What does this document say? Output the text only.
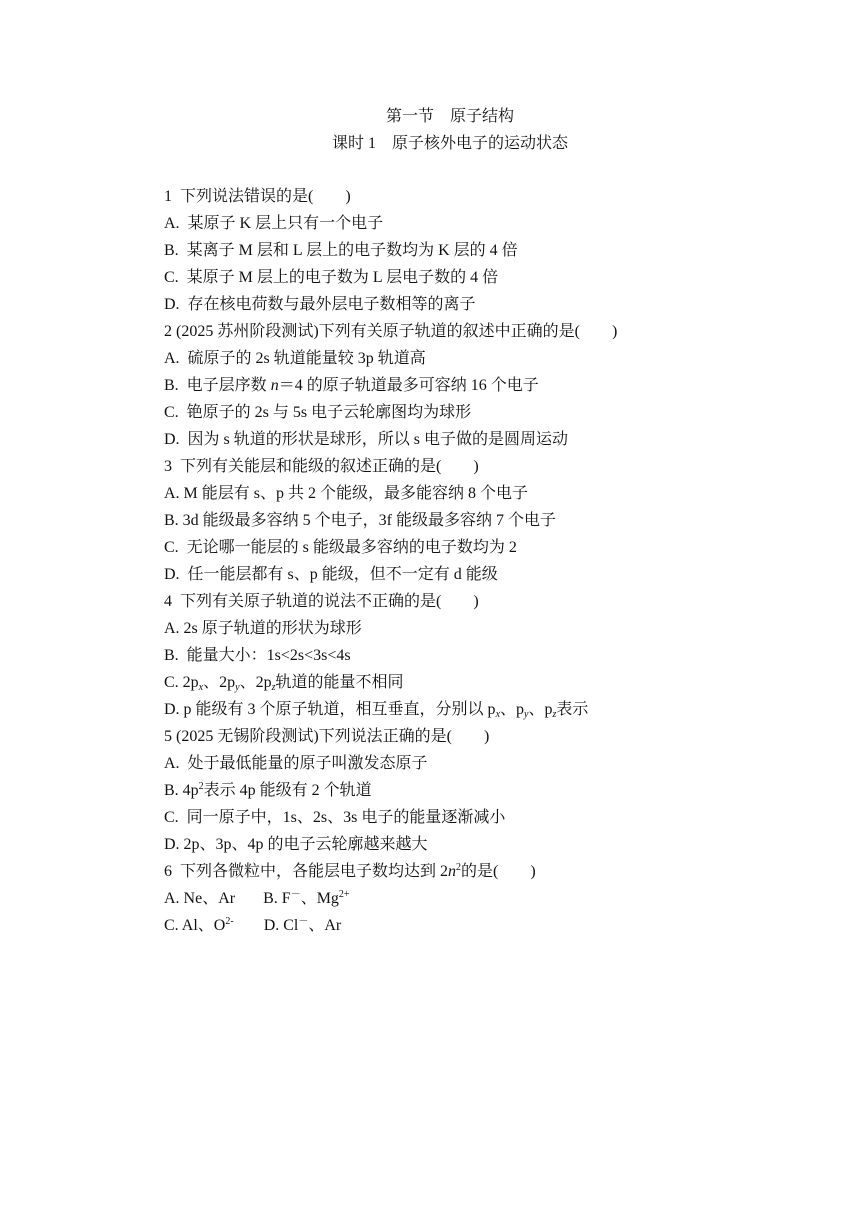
第一节　原子结构
课时 1　原子核外电子的运动状态
1  下列说法错误的是(　　)
A.  某原子 K 层上只有一个电子
B.  某离子 M 层和 L 层上的电子数均为 K 层的 4 倍
C.  某原子 M 层上的电子数为 L 层电子数的 4 倍
D.  存在核电荷数与最外层电子数相等的离子
2 (2025 苏州阶段测试)下列有关原子轨道的叙述中正确的是(　　)
A.  硫原子的 2s 轨道能量较 3p 轨道高
B.  电子层序数 n＝4 的原子轨道最多可容纳 16 个电子
C.  铯原子的 2s 与 5s 电子云轮廓图均为球形
D.  因为 s 轨道的形状是球形，所以 s 电子做的是圆周运动
3  下列有关能层和能级的叙述正确的是(　　)
A. M 能层有 s、p 共 2 个能级，最多能容纳 8 个电子
B. 3d 能级最多容纳 5 个电子，3f 能级最多容纳 7 个电子
C.  无论哪一能层的 s 能级最多容纳的电子数均为 2
D.  任一能层都有 s、p 能级，但不一定有 d 能级
4  下列有关原子轨道的说法不正确的是(　　)
A. 2s 原子轨道的形状为球形
B.  能量大小：1s<2s<3s<4s
C. $2p_x$、$2p_y$、$2p_z$轨道的能量不相同
D. p 能级有 3 个原子轨道，相互垂直，分别以 $p_x$、$p_y$、$p_z$表示
5 (2025 无锡阶段测试)下列说法正确的是(　　)
A.  处于最低能量的原子叫激发态原子
B. $4p^2$表示 4p 能级有 2 个轨道
C.  同一原子中，1s、2s、3s 电子的能量逐渐减小
D. 2p、3p、4p 的电子云轮廓越来越大
6  下列各微粒中，各能层电子数均达到 $2n^2$的是(　　)
A. Ne、Ar B. F－、$Mg^{2+}$
C. Al、$O^{2-}$ D. Cl－、Ar
